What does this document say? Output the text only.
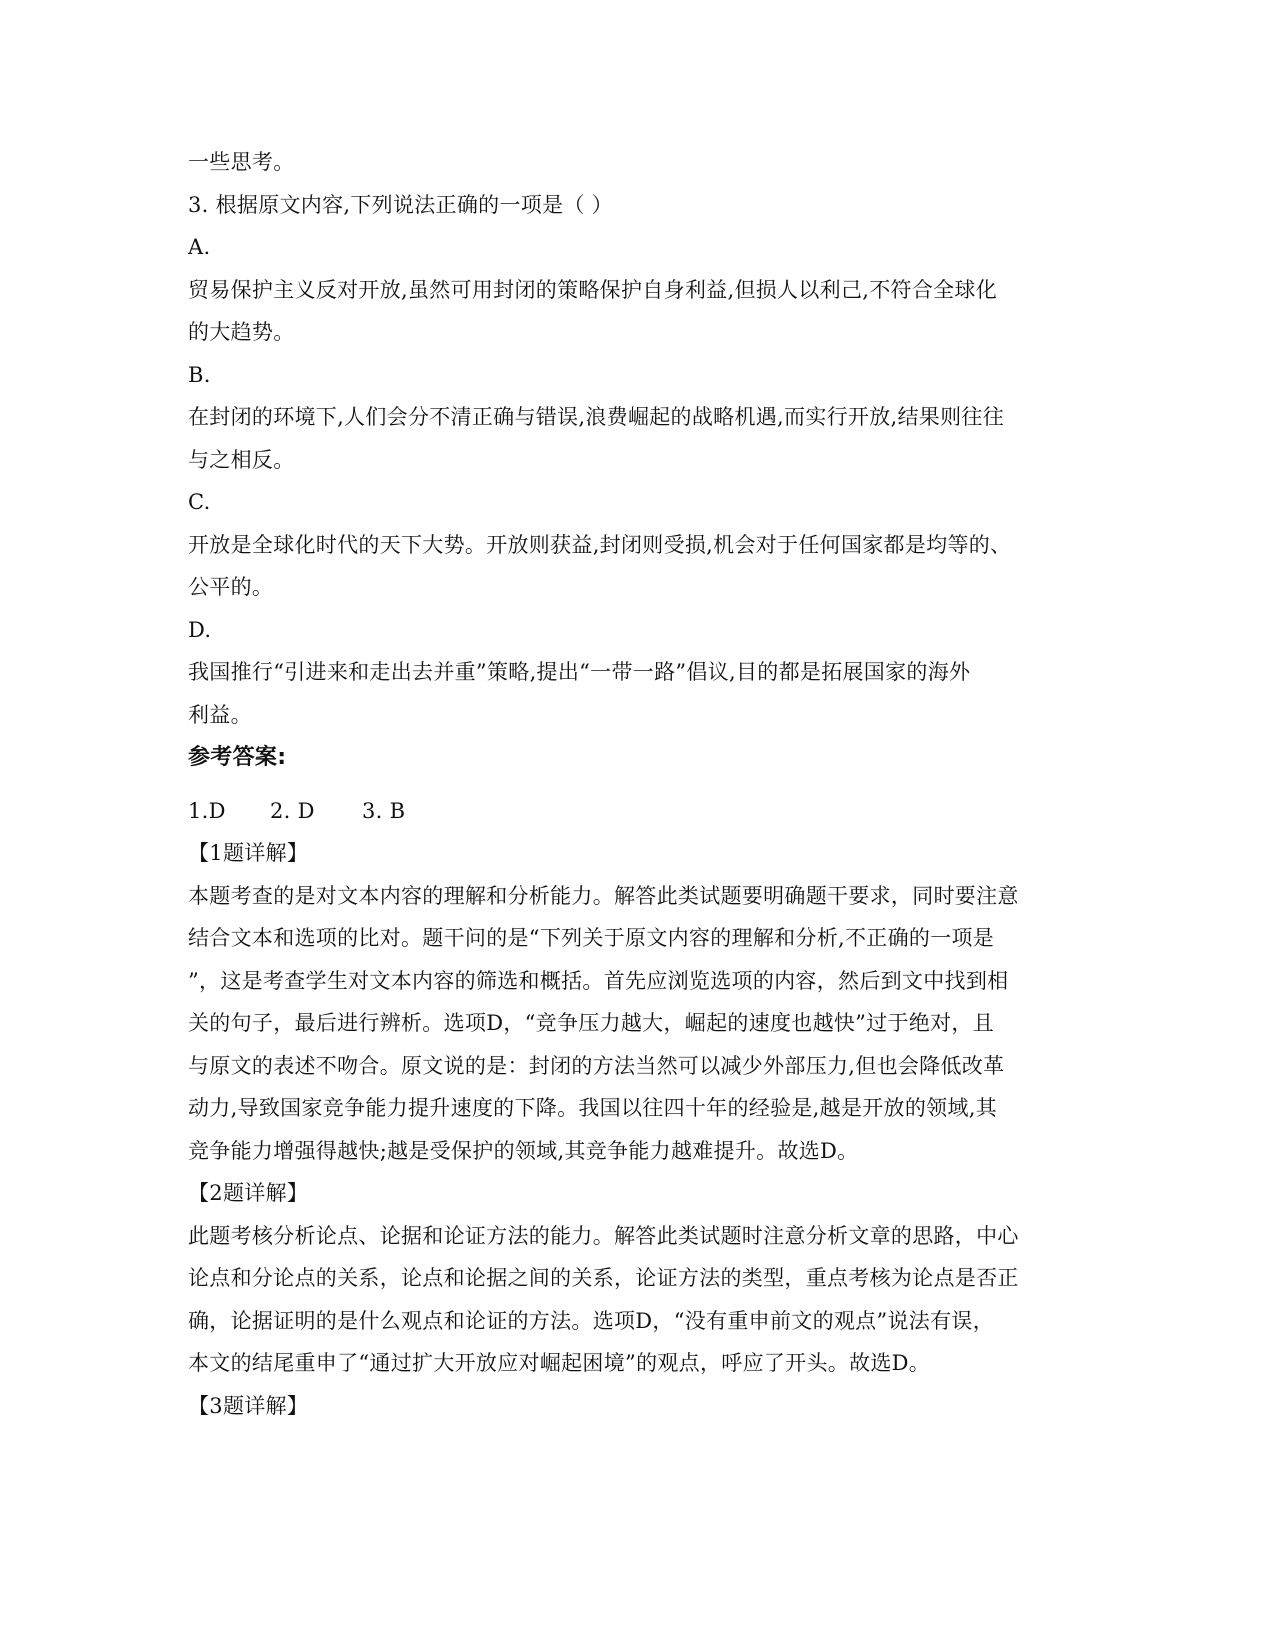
一些思考。
3. 根据原文内容,下列说法正确的一项是（ ）
A.
贸易保护主义反对开放,虽然可用封闭的策略保护自身利益,但损人以利己,不符合全球化
的大趋势。
B.
在封闭的环境下,人们会分不清正确与错误,浪费崛起的战略机遇,而实行开放,结果则往往
与之相反。
C.
开放是全球化时代的天下大势。开放则获益,封闭则受损,机会对于任何国家都是均等的、
公平的。
D.
我国推行“引进来和走出去并重”策略,提出“一带一路”倡议,目的都是拓展国家的海外
利益。
参考答案:
1.D 2. D 3. B
【1题详解】
本题考查的是对文本内容的理解和分析能力。解答此类试题要明确题干要求，同时要注意
结合文本和选项的比对。题干问的是“下列关于原文内容的理解和分析,不正确的一项是
”，这是考查学生对文本内容的筛选和概括。首先应浏览选项的内容，然后到文中找到相
关的句子，最后进行辨析。选项D，“竞争压力越大，崛起的速度也越快”过于绝对，且
与原文的表述不吻合。原文说的是：封闭的方法当然可以减少外部压力,但也会降低改革
动力,导致国家竞争能力提升速度的下降。我国以往四十年的经验是,越是开放的领域,其
竞争能力增强得越快;越是受保护的领域,其竞争能力越难提升。故选D。
【2题详解】
此题考核分析论点、论据和论证方法的能力。解答此类试题时注意分析文章的思路，中心
论点和分论点的关系，论点和论据之间的关系，论证方法的类型，重点考核为论点是否正
确，论据证明的是什么观点和论证的方法。选项D，“没有重申前文的观点”说法有误，
本文的结尾重申了“通过扩大开放应对崛起困境”的观点，呼应了开头。故选D。
【3题详解】
